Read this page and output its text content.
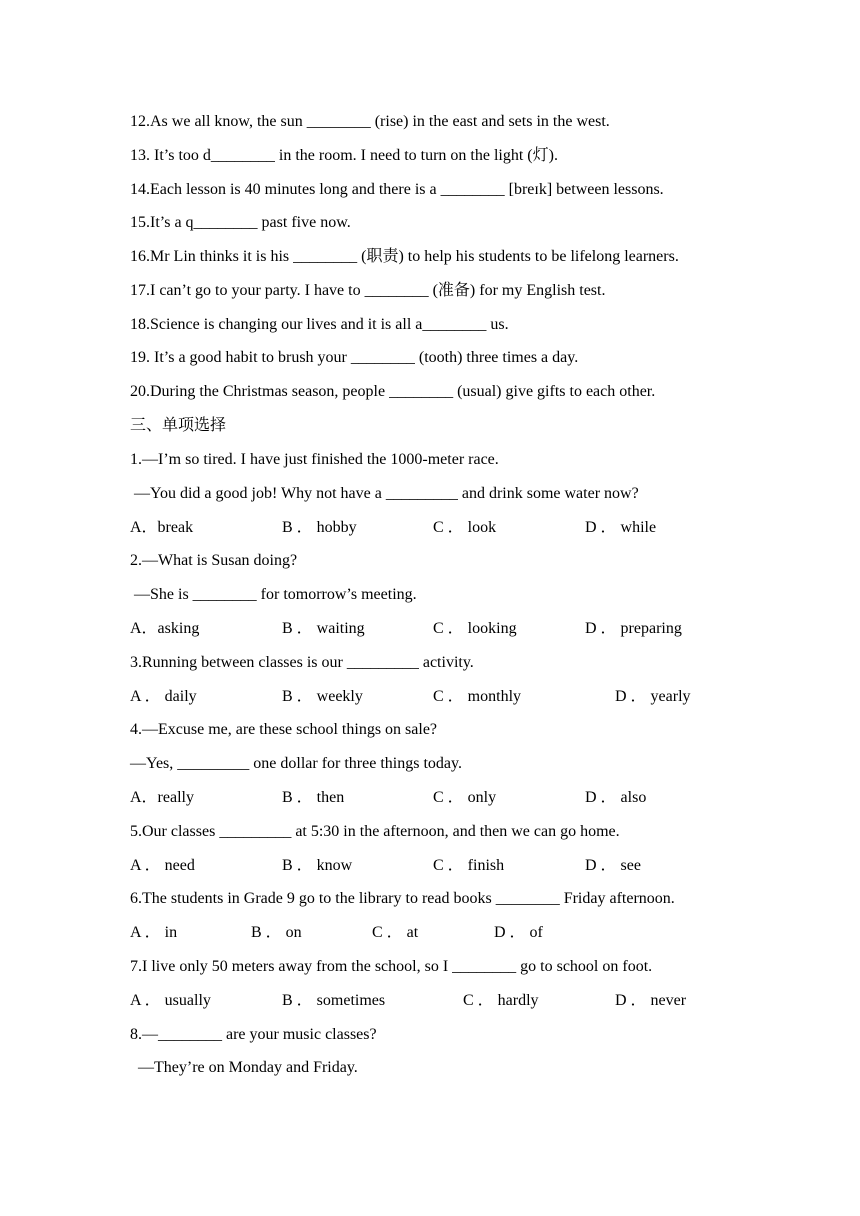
12.As we all know, the sun ________ (rise) in the east and sets in the west.
13. It’s too d________ in the room. I need to turn on the light (灯).
14.Each lesson is 40 minutes long and there is a ________ [breɪk] between lessons.
15.It’s a q________ past five now.
16.Mr Lin thinks it is his ________ (职责) to help his students to be lifelong learners.
17.I can’t go to your party. I have to ________ (准备) for my English test.
18.Science is changing our lives and it is all a________ us.
19. It’s a good habit to brush your ________ (tooth) three times a day.
20.During the Christmas season, people ________ (usual) give gifts to each other.
三、单项选择
1.—I’m so tired. I have just finished the 1000-meter race.
—You did a good job! Why not have a _________ and drink some water now?
A．break	B ． hobby	C ． look	D ． while
2.—What is Susan doing?
—She is ________ for tomorrow’s meeting.
A．asking	B ． waiting	C ． looking	D ． preparing
3.Running between classes is our _________ activity.
A ． daily	B ． weekly	C ． monthly	D ． yearly
4.—Excuse me, are these school things on sale?
—Yes, _________ one dollar for three things today.
A．really	B ． then	C ． only	D ． also
5.Our classes _________ at 5:30 in the afternoon, and then we can go home.
A ． need	B ． know	C ． finish	D ． see
6.The students in Grade 9 go to the library to read books ________ Friday afternoon.
A ． in	B ． on	C ． at	D ． of
7.I live only 50 meters away from the school, so I ________ go to school on foot.
A ． usually	B ． sometimes	C ． hardly	D ． never
8.—________ are your music classes?
—They’re on Monday and Friday.
